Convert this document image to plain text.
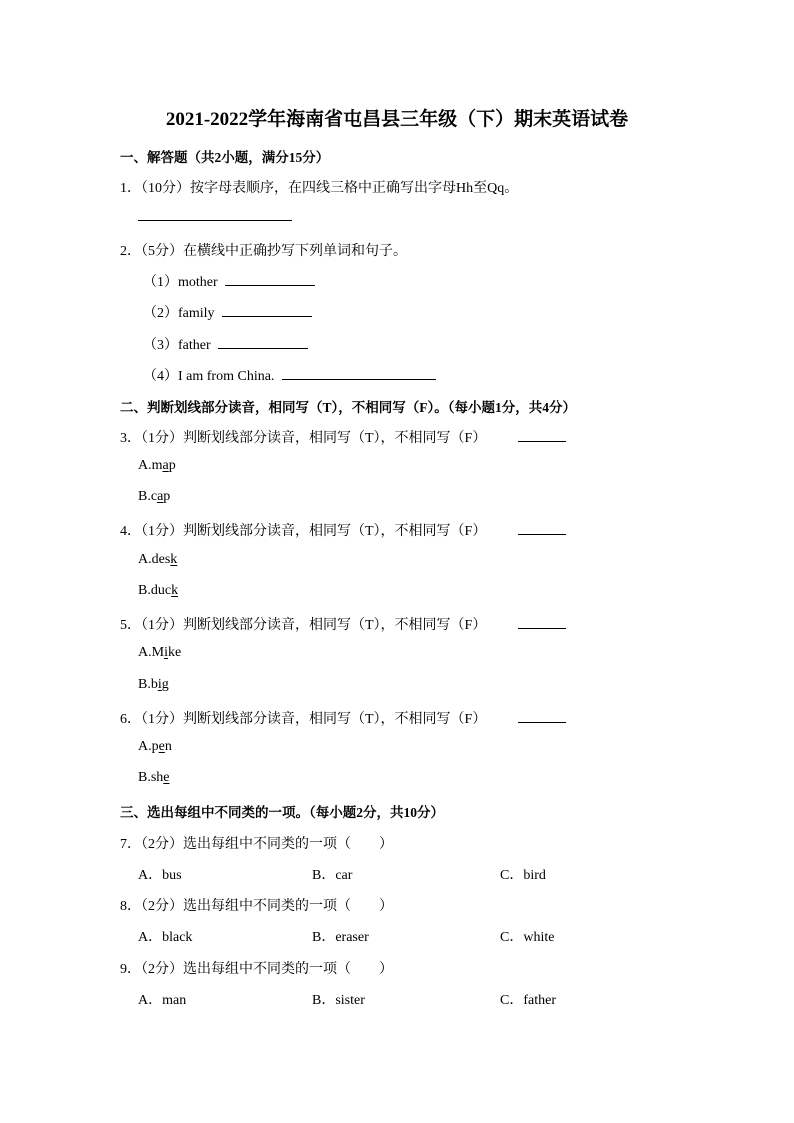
2021-2022学年海南省屯昌县三年级（下）期末英语试卷
一、解答题（共2小题，满分15分）
1．（10分）按字母表顺序，在四线三格中正确写出字母Hh至Qq。
2．（5分）在横线中正确抄写下列单词和句子。
（1）mother
（2）family
（3）father
（4）I am from China.
二、判断划线部分读音，相同写（T），不相同写（F）。（每小题1分，共4分）
3．（1分）判断划线部分读音，相同写（T），不相同写（F）
A.map
B.cap
4．（1分）判断划线部分读音，相同写（T），不相同写（F）
A.desk
B.duck
5．（1分）判断划线部分读音，相同写（T），不相同写（F）
A.Mike
B.big
6．（1分）判断划线部分读音，相同写（T），不相同写（F）
A.pen
B.she
三、选出每组中不同类的一项。（每小题2分，共10分）
7．（2分）选出每组中不同类的一项（　　）
A．bus	B．car	C．bird
8．（2分）选出每组中不同类的一项（　　）
A．black	B．eraser	C．white
9．（2分）选出每组中不同类的一项（　　）
A．man	B．sister	C．father
